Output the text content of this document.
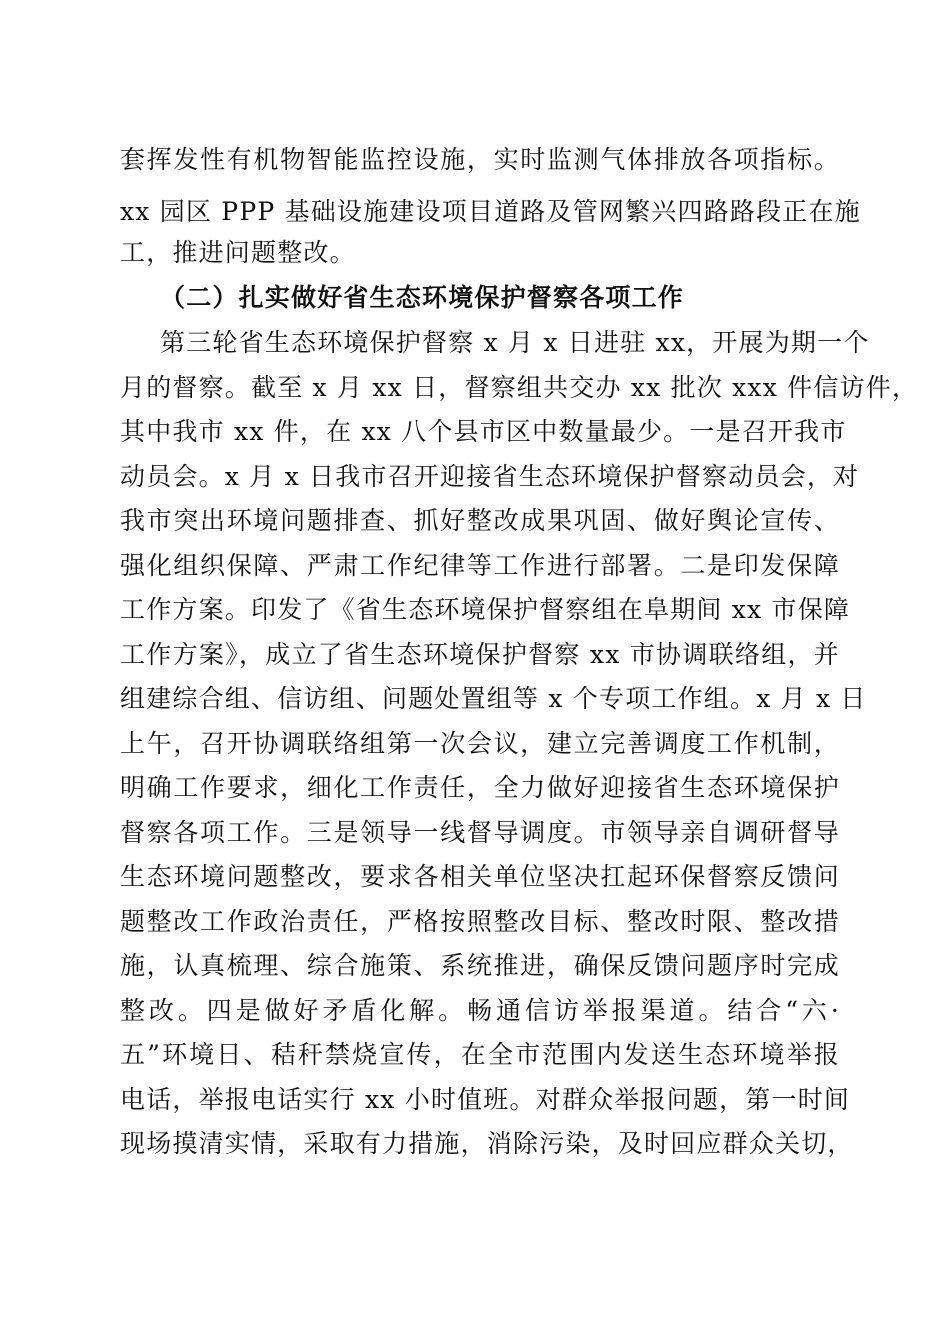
套挥发性有机物智能监控设施，实时监测气体排放各项指标。
xx 园区 PPP 基础设施建设项目道路及管网繁兴四路路段正在施
工，推进问题整改。
（二）扎实做好省生态环境保护督察各项工作
第三轮省生态环境保护督察 x 月 x 日进驻 xx，开展为期一个
月的督察。截至 x 月 xx 日，督察组共交办 xx 批次 xxx 件信访件，
其中我市 xx 件，在 xx 八个县市区中数量最少。一是召开我市
动员会。x 月 x 日我市召开迎接省生态环境保护督察动员会，对
我市突出环境问题排查、抓好整改成果巩固、做好舆论宣传、
强化组织保障、严肃工作纪律等工作进行部署。二是印发保障
工作方案。印发了《省生态环境保护督察组在阜期间 xx 市保障
工作方案》，成立了省生态环境保护督察 xx 市协调联络组，并
组建综合组、信访组、问题处置组等 x 个专项工作组。x 月 x 日
上午，召开协调联络组第一次会议，建立完善调度工作机制，
明确工作要求，细化工作责任，全力做好迎接省生态环境保护
督察各项工作。三是领导一线督导调度。市领导亲自调研督导
生态环境问题整改，要求各相关单位坚决扛起环保督察反馈问
题整改工作政治责任，严格按照整改目标、整改时限、整改措
施，认真梳理、综合施策、系统推进，确保反馈问题序时完成
整改。四是做好矛盾化解。畅通信访举报渠道。结合“六·
五”环境日、秸秆禁烧宣传，在全市范围内发送生态环境举报
电话，举报电话实行 xx 小时值班。对群众举报问题，第一时间
现场摸清实情，采取有力措施，消除污染，及时回应群众关切，
